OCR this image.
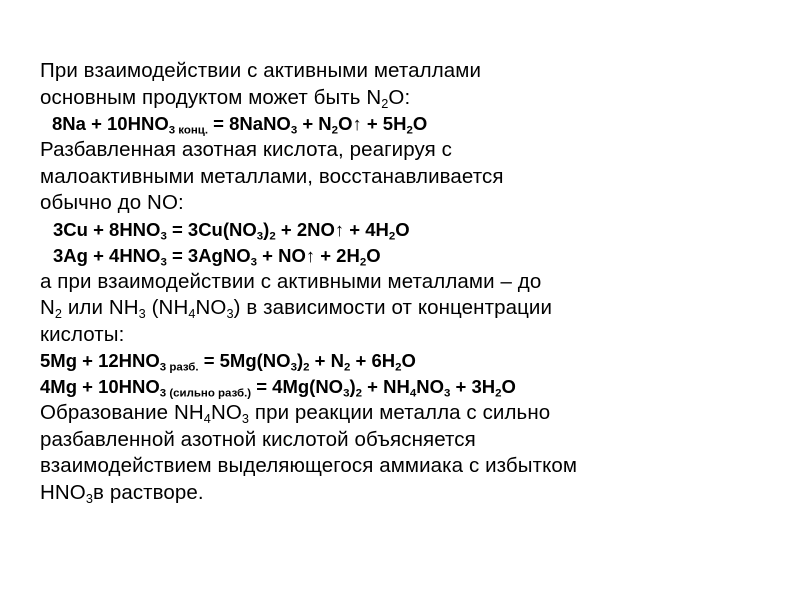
При взаимодействии с активными металлами
основным продуктом может быть $N_2O$:
$8Na + 10HNO_{3 конц.}$ = 8NaNO$_3$ + $N_2O↑ + 5H_2O$
Разбавленная азотная кислота, реагируя с
малоактивными металлами, восстанавливается
обычно до NO:
$3Cu + 8HNO_3 = 3Cu(NO_3)_2$ + 2NO↑ + $4H_2O$
$3Ag + 4HNO_3$ = 3AgNO$_3$ + NO↑ + $2H_2O$
а при взаимодействии с активными металлами – до
$N_2$ или $NH_3$ $(NH_4NO_3)$ в зависимости от концентрации
кислоты:
$5Mg + 12HNO_{3 разб.} = 5Mg(NO_3)_2 + N_2 + 6H_2O$
$4Mg + 10HNO_{3 (сильно разб.)} = 4Mg(NO_3)_2 + NH_4NO_3 + 3H_2O$
Образование $NH_4NO_3$ при реакции металла с сильно
разбавленной азотной кислотой объясняется
взаимодействием выделяющегося аммиака с избытком
$HNO_3в$ растворе.
